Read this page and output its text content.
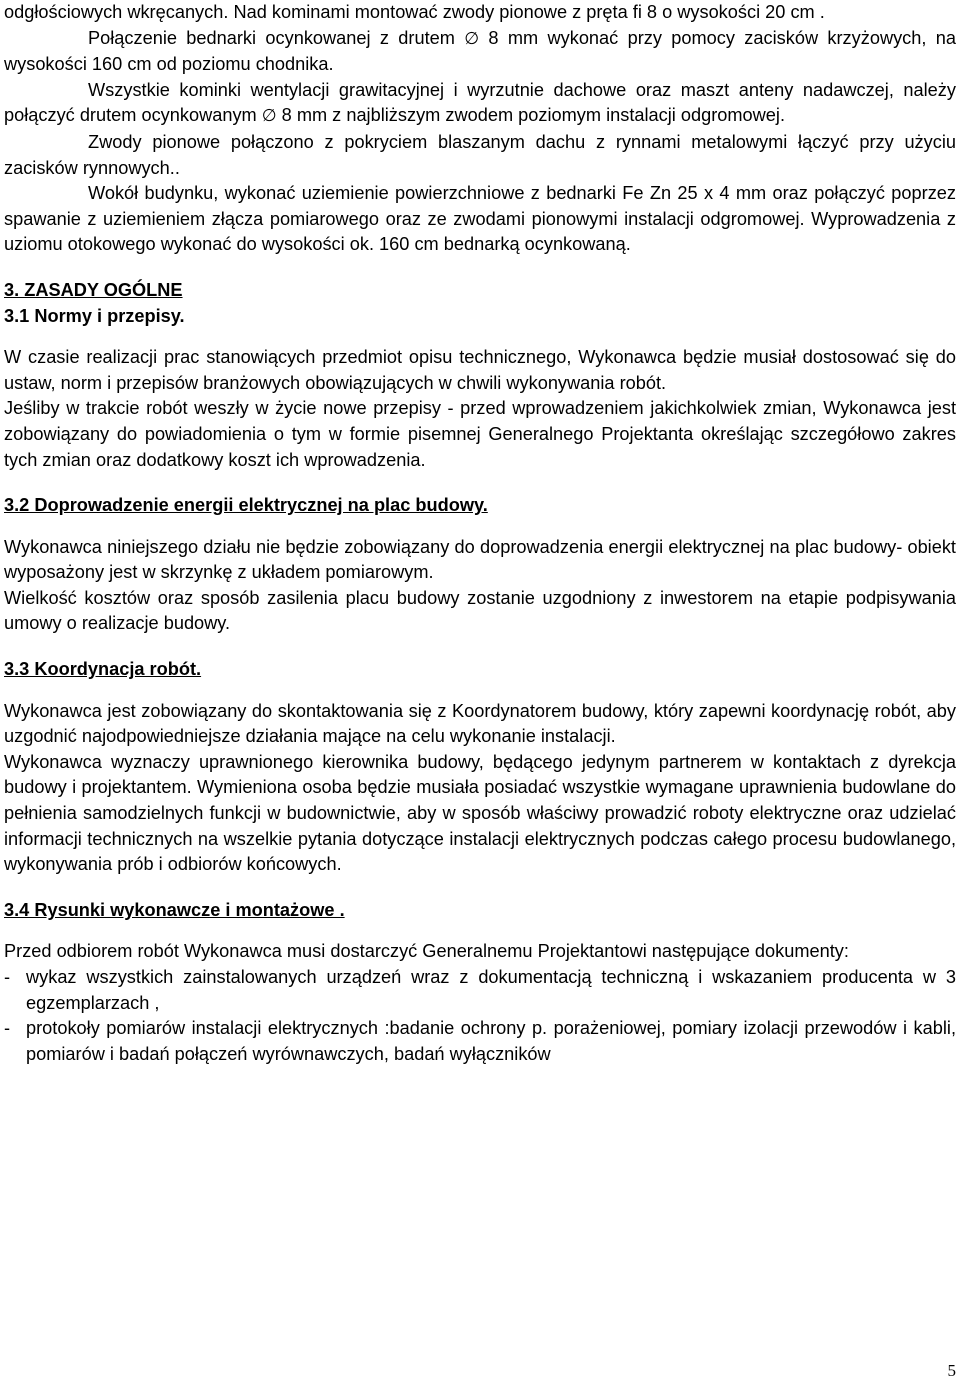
odgłościowych wkręcanych. Nad kominami montować zwody pionowe z pręta fi 8 o wysokości 20 cm .

Połączenie bednarki ocynkowanej z drutem ∅ 8 mm wykonać przy pomocy zacisków krzyżowych, na wysokości 160 cm od poziomu chodnika.

Wszystkie kominki wentylacji grawitacyjnej i wyrzutnie dachowe oraz maszt anteny nadawczej, należy połączyć drutem ocynkowanym ∅ 8 mm z najbliższym zwodem poziomym instalacji odgromowej.

Zwody pionowe połączono z pokryciem blaszanym dachu z rynnami metalowymi łączyć przy użyciu zacisków rynnowych..

Wokół budynku, wykonać uziemienie powierzchniowe z bednarki Fe Zn 25 x 4 mm oraz połączyć poprzez spawanie z uziemieniem złącza pomiarowego oraz ze zwodami pionowymi instalacji odgromowej. Wyprowadzenia z uziomu otokowego wykonać do wysokości ok. 160 cm bednarką ocynkowaną.

3. ZASADY OGÓLNE
3.1 Normy i przepisy.

W czasie realizacji prac stanowiących przedmiot opisu technicznego, Wykonawca będzie musiał dostosować się do ustaw, norm i przepisów branżowych obowiązujących w chwili wykonywania robót.

Jeśliby w trakcie robót weszły w życie nowe przepisy - przed wprowadzeniem jakichkolwiek zmian, Wykonawca jest zobowiązany do powiadomienia o tym w formie pisemnej Generalnego Projektanta określając szczegółowo zakres tych zmian oraz dodatkowy koszt ich wprowadzenia.

3.2 Doprowadzenie energii elektrycznej na plac budowy.

Wykonawca niniejszego działu nie będzie zobowiązany do doprowadzenia energii elektrycznej na plac budowy- obiekt wyposażony jest w skrzynkę z układem pomiarowym.

Wielkość kosztów oraz sposób zasilenia placu budowy zostanie uzgodniony z inwestorem na etapie podpisywania umowy o realizacje budowy.

3.3 Koordynacja robót.

Wykonawca jest zobowiązany do skontaktowania się z Koordynatorem budowy, który zapewni koordynację robót, aby uzgodnić najodpowiedniejsze działania mające na celu wykonanie instalacji.

Wykonawca wyznaczy uprawnionego kierownika budowy, będącego jedynym partnerem w kontaktach z dyrekcja budowy i projektantem. Wymieniona osoba będzie musiała posiadać wszystkie wymagane uprawnienia budowlane do pełnienia samodzielnych funkcji w budownictwie, aby w sposób właściwy prowadzić roboty elektryczne oraz udzielać informacji technicznych na wszelkie pytania dotyczące instalacji elektrycznych podczas całego procesu budowlanego, wykonywania prób i odbiorów końcowych.

3.4 Rysunki wykonawcze i montażowe .

Przed odbiorem robót Wykonawca musi dostarczyć Generalnemu Projektantowi następujące dokumenty:

- wykaz wszystkich zainstalowanych urządzeń wraz z dokumentacją techniczną i wskazaniem producenta w 3 egzemplarzach ,
- protokoły pomiarów instalacji elektrycznych :badanie ochrony p. porażeniowej, pomiary izolacji przewodów i kabli, pomiarów i badań połączeń wyrównawczych, badań wyłączników
5
